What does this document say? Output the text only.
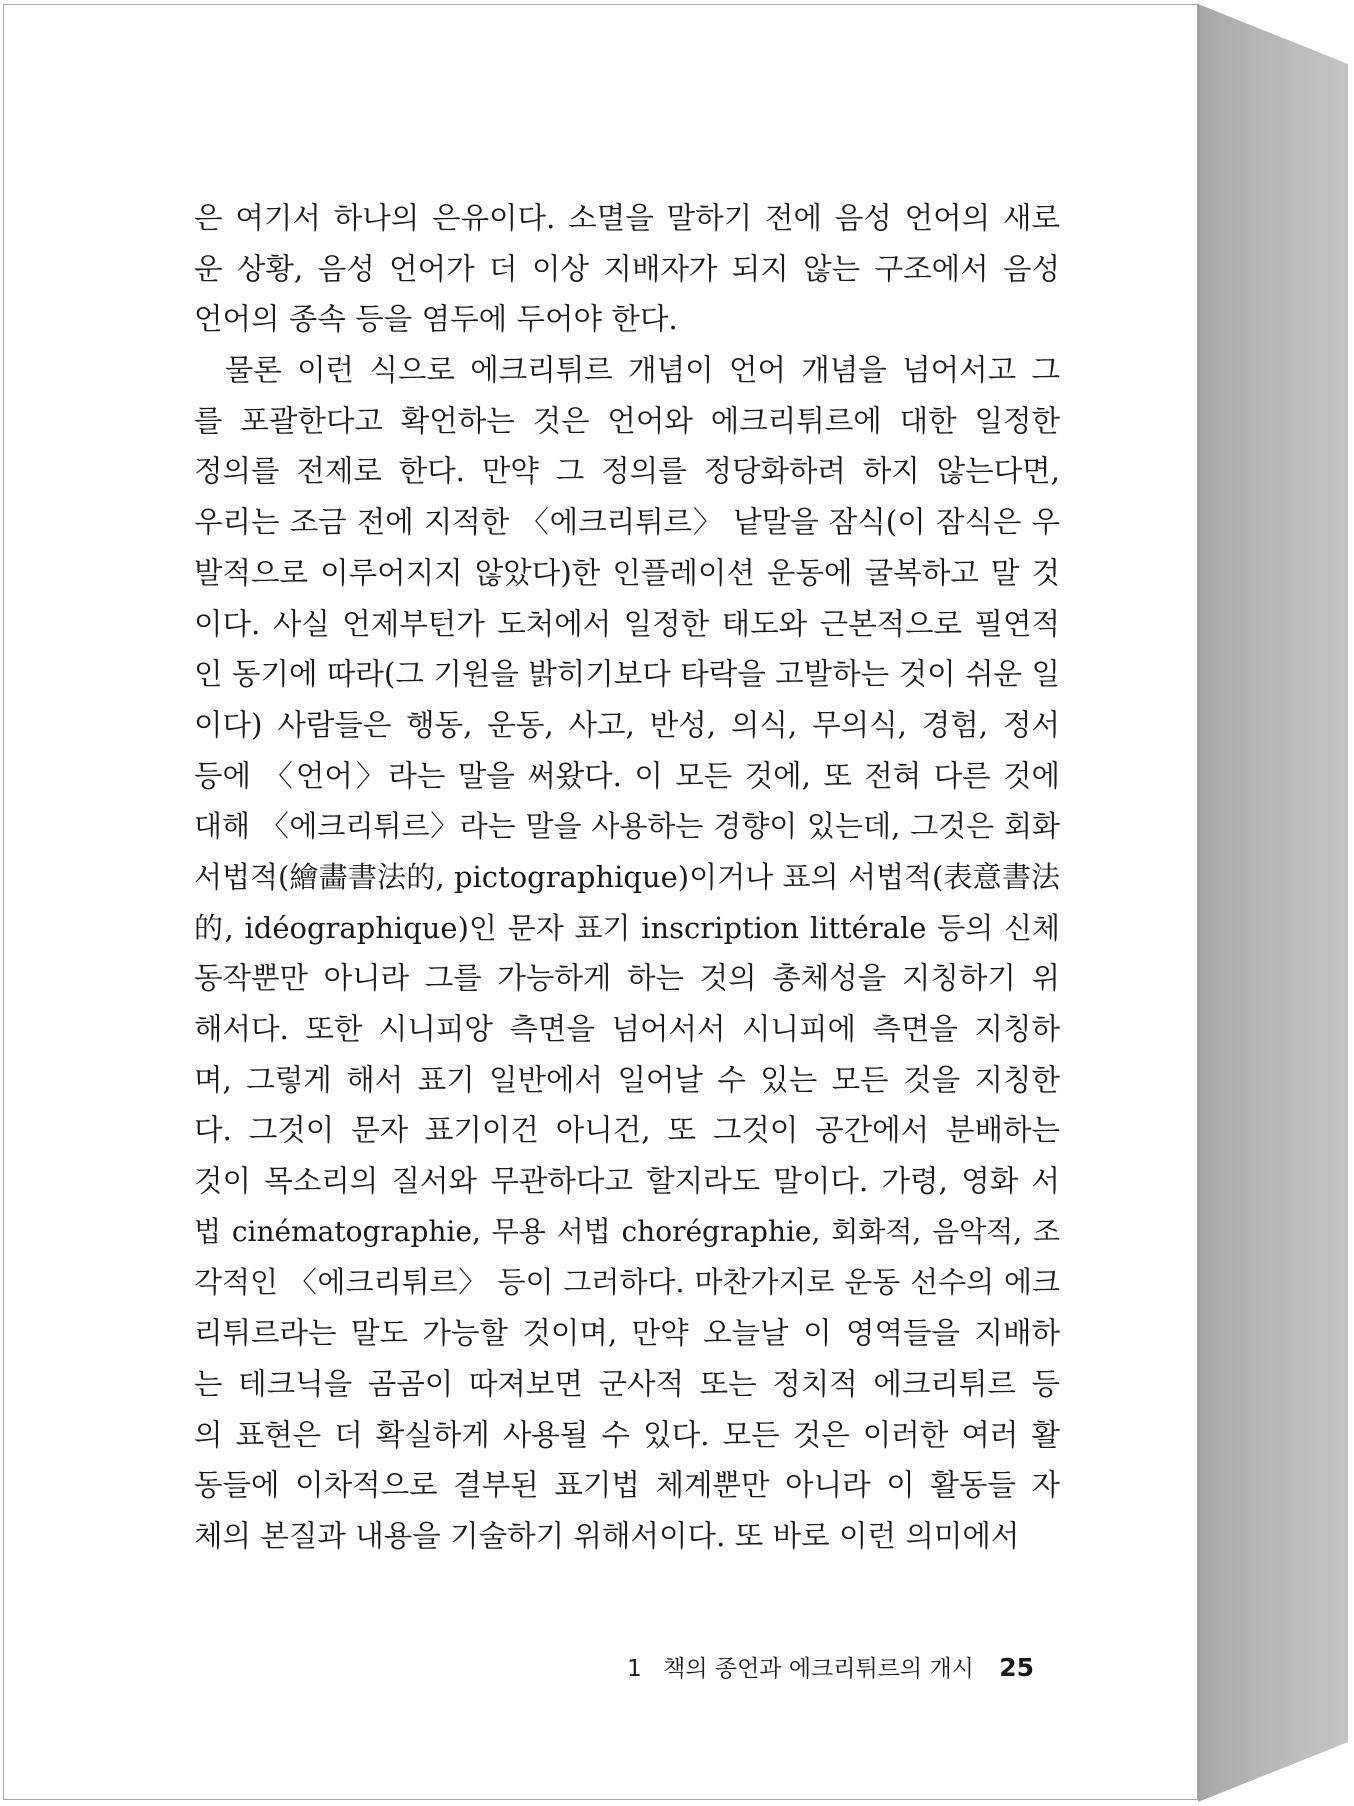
은 여기서 하나의 은유이다. 소멸을 말하기 전에 음성 언어의 새로
운 상황, 음성 언어가 더 이상 지배자가 되지 않는 구조에서 음성
언어의 종속 등을 염두에 두어야 한다.
물론 이런 식으로 에크리튀르 개념이 언어 개념을 넘어서고 그
를 포괄한다고 확언하는 것은 언어와 에크리튀르에 대한 일정한
정의를 전제로 한다. 만약 그 정의를 정당화하려 하지 않는다면,
우리는 조금 전에 지적한 〈에크리튀르〉 낱말을 잠식(이 잠식은 우
발적으로 이루어지지 않았다)한 인플레이션 운동에 굴복하고 말 것
이다. 사실 언제부턴가 도처에서 일정한 태도와 근본적으로 필연적
인 동기에 따라(그 기원을 밝히기보다 타락을 고발하는 것이 쉬운 일
이다) 사람들은 행동, 운동, 사고, 반성, 의식, 무의식, 경험, 정서
등에 〈언어〉라는 말을 써왔다. 이 모든 것에, 또 전혀 다른 것에
대해 〈에크리튀르〉라는 말을 사용하는 경향이 있는데, 그것은 회화
서법적(繪畵書法的, pictographique)이거나 표의 서법적(表意書法
的, idéographique)인 문자 표기 inscription littérale 등의 신체
동작뿐만 아니라 그를 가능하게 하는 것의 총체성을 지칭하기 위
해서다. 또한 시니피앙 측면을 넘어서서 시니피에 측면을 지칭하
며, 그렇게 해서 표기 일반에서 일어날 수 있는 모든 것을 지칭한
다. 그것이 문자 표기이건 아니건, 또 그것이 공간에서 분배하는
것이 목소리의 질서와 무관하다고 할지라도 말이다. 가령, 영화 서
법 cinématographie, 무용 서법 chorégraphie, 회화적, 음악적, 조
각적인 〈에크리튀르〉 등이 그러하다. 마찬가지로 운동 선수의 에크
리튀르라는 말도 가능할 것이며, 만약 오늘날 이 영역들을 지배하
는 테크닉을 곰곰이 따져보면 군사적 또는 정치적 에크리튀르 등
의 표현은 더 확실하게 사용될 수 있다. 모든 것은 이러한 여러 활
동들에 이차적으로 결부된 표기법 체계뿐만 아니라 이 활동들 자
체의 본질과 내용을 기술하기 위해서이다. 또 바로 이런 의미에서
1 책의 종언과 에크리튀르의 개시 25
